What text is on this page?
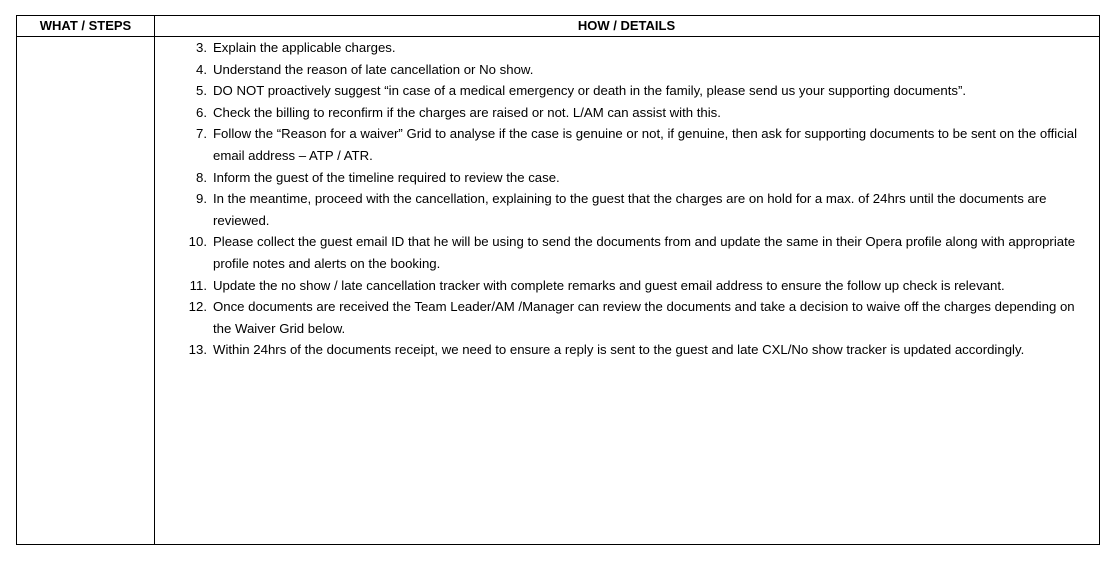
WHAT / STEPS	HOW / DETAILS
3. Explain the applicable charges.
4. Understand the reason of late cancellation or No show.
5. DO NOT proactively suggest “in case of a medical emergency or death in the family, please send us your supporting documents”.
6. Check the billing to reconfirm if the charges are raised or not. L/AM can assist with this.
7. Follow the “Reason for a waiver” Grid to analyse if the case is genuine or not, if genuine, then ask for supporting documents to be sent on the official email address – ATP / ATR.
8. Inform the guest of the timeline required to review the case.
9. In the meantime, proceed with the cancellation, explaining to the guest that the charges are on hold for a max. of 24hrs until the documents are reviewed.
10. Please collect the guest email ID that he will be using to send the documents from and update the same in their Opera profile along with appropriate profile notes and alerts on the booking.
11. Update the no show / late cancellation tracker with complete remarks and guest email address to ensure the follow up check is relevant.
12. Once documents are received the Team Leader/AM /Manager can review the documents and take a decision to waive off the charges depending on the Waiver Grid below.
13. Within 24hrs of the documents receipt, we need to ensure a reply is sent to the guest and late CXL/No show tracker is updated accordingly.
